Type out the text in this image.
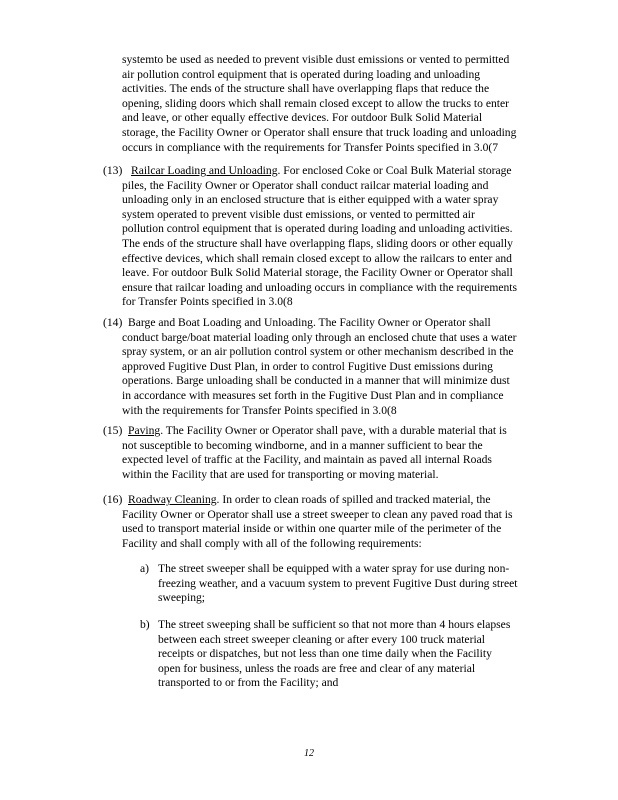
systemto be used as needed to prevent visible dust emissions or vented to permitted
air pollution control equipment that is operated during loading and unloading
activities. The ends of the structure shall have overlapping flaps that reduce the
opening, sliding doors which shall remain closed except to allow the trucks to enter
and leave, or other equally effective devices. For outdoor Bulk Solid Material
storage, the Facility Owner or Operator shall ensure that truck loading and unloading
occurs in compliance with the requirements for Transfer Points specified in 3.0(7
(13) Railcar Loading and Unloading. For enclosed Coke or Coal Bulk Material storage
piles, the Facility Owner or Operator shall conduct railcar material loading and
unloading only in an enclosed structure that is either equipped with a water spray
system operated to prevent visible dust emissions, or vented to permitted air
pollution control equipment that is operated during loading and unloading activities.
The ends of the structure shall have overlapping flaps, sliding doors or other equally
effective devices, which shall remain closed except to allow the railcars to enter and
leave. For outdoor Bulk Solid Material storage, the Facility Owner or Operator shall
ensure that railcar loading and unloading occurs in compliance with the requirements
for Transfer Points specified in 3.0(8
(14) Barge and Boat Loading and Unloading. The Facility Owner or Operator shall
conduct barge/boat material loading only through an enclosed chute that uses a water
spray system, or an air pollution control system or other mechanism described in the
approved Fugitive Dust Plan, in order to control Fugitive Dust emissions during
operations. Barge unloading shall be conducted in a manner that will minimize dust
in accordance with measures set forth in the Fugitive Dust Plan and in compliance
with the requirements for Transfer Points specified in 3.0(8
(15) Paving. The Facility Owner or Operator shall pave, with a durable material that is
not susceptible to becoming windborne, and in a manner sufficient to bear the
expected level of traffic at the Facility, and maintain as paved all internal Roads
within the Facility that are used for transporting or moving material.
(16) Roadway Cleaning. In order to clean roads of spilled and tracked material, the
Facility Owner or Operator shall use a street sweeper to clean any paved road that is
used to transport material inside or within one quarter mile of the perimeter of the
Facility and shall comply with all of the following requirements:
a) The street sweeper shall be equipped with a water spray for use during non-
freezing weather, and a vacuum system to prevent Fugitive Dust during street
sweeping;
b) The street sweeping shall be sufficient so that not more than 4 hours elapses
between each street sweeper cleaning or after every 100 truck material
receipts or dispatches, but not less than one time daily when the Facility
open for business, unless the roads are free and clear of any material
transported to or from the Facility; and
12
